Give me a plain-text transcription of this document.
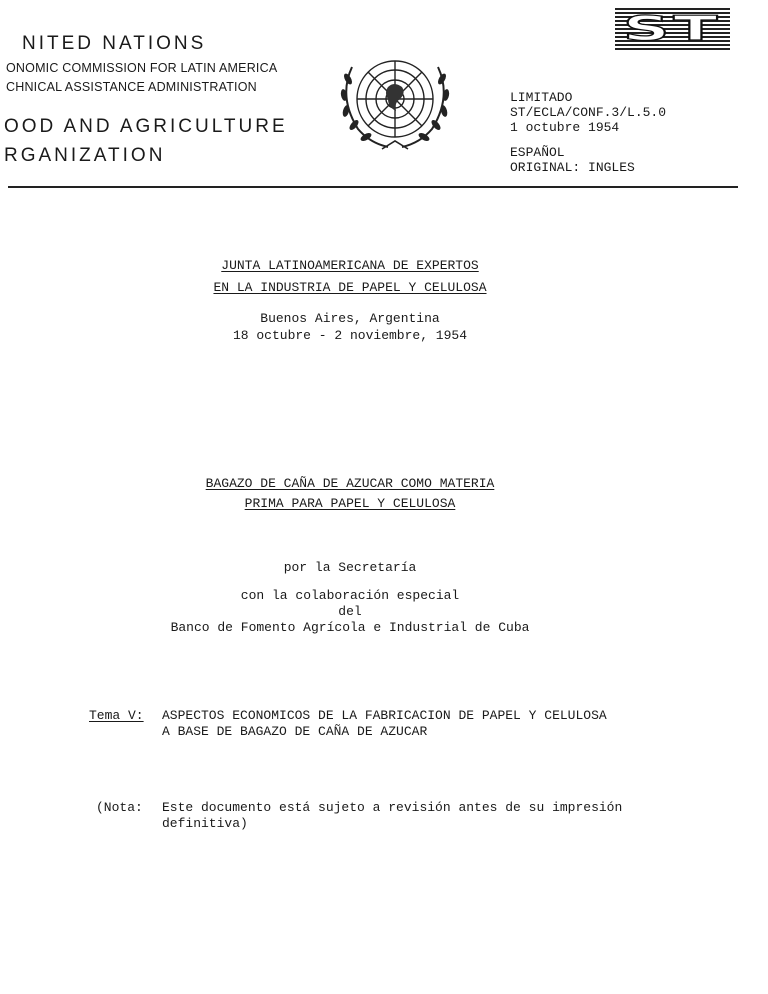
NITED NATIONS
ONOMIC COMMISSION FOR LATIN AMERICA
CHNICAL ASSISTANCE ADMINISTRATION
OOD AND AGRICULTURE
RGANIZATION
ST
LIMITADO
ST/ECLA/CONF.3/L.5.0
1 octubre 1954
ESPAÑOL
ORIGINAL: INGLES
JUNTA LATINOAMERICANA DE EXPERTOS
EN LA INDUSTRIA DE PAPEL Y CELULOSA
Buenos Aires, Argentina
18 octubre - 2 noviembre, 1954
BAGAZO DE CAÑA DE AZUCAR COMO MATERIA
PRIMA PARA PAPEL Y CELULOSA
por la Secretaría
con la colaboración especial
del
Banco de Fomento Agrícola e Industrial de Cuba
Tema V: ASPECTOS ECONOMICOS DE LA FABRICACION DE PAPEL Y CELULOSA
A BASE DE BAGAZO DE CAÑA DE AZUCAR
(Nota: Este documento está sujeto a revisión antes de su impresión
definitiva)
